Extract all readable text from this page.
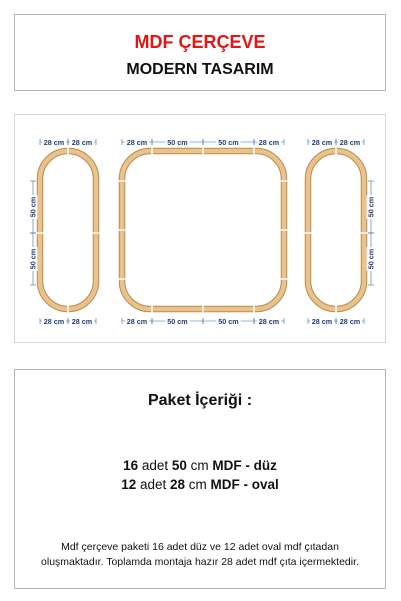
MDF ÇERÇEVE
MODERN TASARIM
28 cm 28 cm
28 cm 28 cm
50 cm
50 cm
28 cm	50 cm	50 cm	28 cm
28 cm	50 cm	50 cm	28 cm
28 cm 28 cm
28 cm 28 cm
50 cm
50 cm
Paket İçeriği :
16 adet 50 cm MDF - düz
12 adet 28 cm MDF - oval
Mdf çerçeve paketi 16 adet düz ve 12 adet oval mdf çıtadan oluşmaktadır. Toplamda montaja hazır 28 adet mdf çıta içermektedir.
